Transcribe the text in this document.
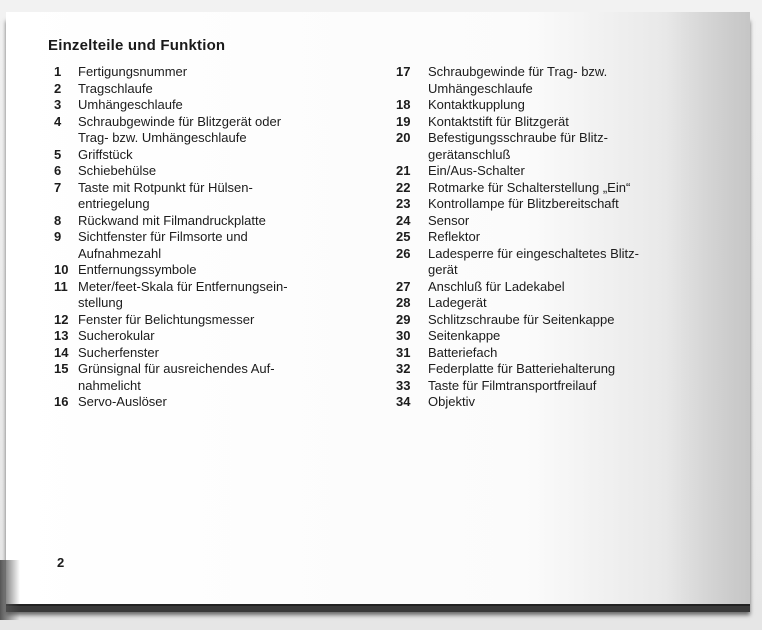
Einzelteile und Funktion
1	Fertigungsnummer
2	Tragschlaufe
3	Umhängeschlaufe
4	Schraubgewinde für Blitzgerät oder
Trag- bzw. Umhängeschlaufe
5	Griffstück
6	Schiebehülse
7	Taste mit Rotpunkt für Hülsen-
entriegelung
8	Rückwand mit Filmandruckplatte
9	Sichtfenster für Filmsorte und
Aufnahmezahl
10 Entfernungssymbole
11 Meter/feet-Skala für Entfernungsein-
stellung
12 Fenster für Belichtungsmesser
13 Sucherokular
14 Sucherfenster
15 Grünsignal für ausreichendes Auf-
nahmelicht
16 Servo-Auslöser
17	Schraubgewinde für Trag- bzw.
Umhängeschlaufe
18	Kontaktkupplung
19	Kontaktstift für Blitzgerät
20	Befestigungsschraube für Blitz-
gerätanschluß
21	Ein/Aus-Schalter
22	Rotmarke für Schalterstellung „Ein“
23	Kontrollampe für Blitzbereitschaft
24	Sensor
25	Reflektor
26	Ladesperre für eingeschaltetes Blitz-
gerät
27	Anschluß für Ladekabel
28	Ladegerät
29	Schlitzschraube für Seitenkappe
30	Seitenkappe
31	Batteriefach
32	Federplatte für Batteriehalterung
33	Taste für Filmtransportfreilauf
34	Objektiv
2
